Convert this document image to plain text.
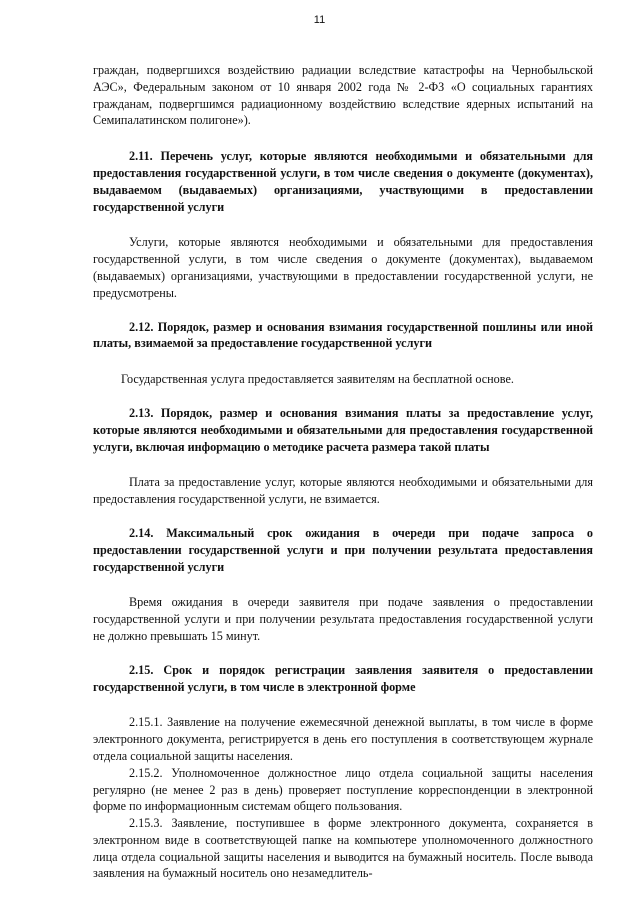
11

граждан, подвергшихся воздействию радиации вследствие катастрофы на Чернобыльской АЭС», Федеральным законом от 10 января 2002 года № 2-ФЗ «О социальных гарантиях гражданам, подвергшимся радиационному воздействию вследствие ядерных испытаний на Семипалатинском полигоне»).

2.11. Перечень услуг, которые являются необходимыми и обязательными для предоставления государственной услуги, в том числе сведения о документе (документах), выдаваемом (выдаваемых) организациями, участвующими в предоставлении государственной услуги

Услуги, которые являются необходимыми и обязательными для предоставления государственной услуги, в том числе сведения о документе (документах), выдаваемом (выдаваемых) организациями, участвующими в предоставлении государственной услуги, не предусмотрены.

2.12. Порядок, размер и основания взимания государственной пошлины или иной платы, взимаемой за предоставление государственной услуги

Государственная услуга предоставляется заявителям на бесплатной основе.

2.13. Порядок, размер и основания взимания платы за предоставление услуг, которые являются необходимыми и обязательными для предоставления государственной услуги, включая информацию о методике расчета размера такой платы

Плата за предоставление услуг, которые являются необходимыми и обязательными для предоставления государственной услуги, не взимается.

2.14. Максимальный срок ожидания в очереди при подаче запроса о предоставлении государственной услуги и при получении результата предоставления государственной услуги

Время ожидания в очереди заявителя при подаче заявления о предоставлении государственной услуги и при получении результата предоставления государственной услуги не должно превышать 15 минут.

2.15. Срок и порядок регистрации заявления заявителя о предоставлении государственной услуги, в том числе в электронной форме

2.15.1. Заявление на получение ежемесячной денежной выплаты, в том числе в форме электронного документа, регистрируется в день его поступления в соответствующем журнале отдела социальной защиты населения.

2.15.2. Уполномоченное должностное лицо отдела социальной защиты населения регулярно (не менее 2 раз в день) проверяет поступление корреспонденции в электронной форме по информационным системам общего пользования.

2.15.3. Заявление, поступившее в форме электронного документа, сохраняется в электронном виде в соответствующей папке на компьютере уполномоченного должностного лица отдела социальной защиты населения и выводится на бумажный носитель. После вывода заявления на бумажный носитель оно незамедлитель-
